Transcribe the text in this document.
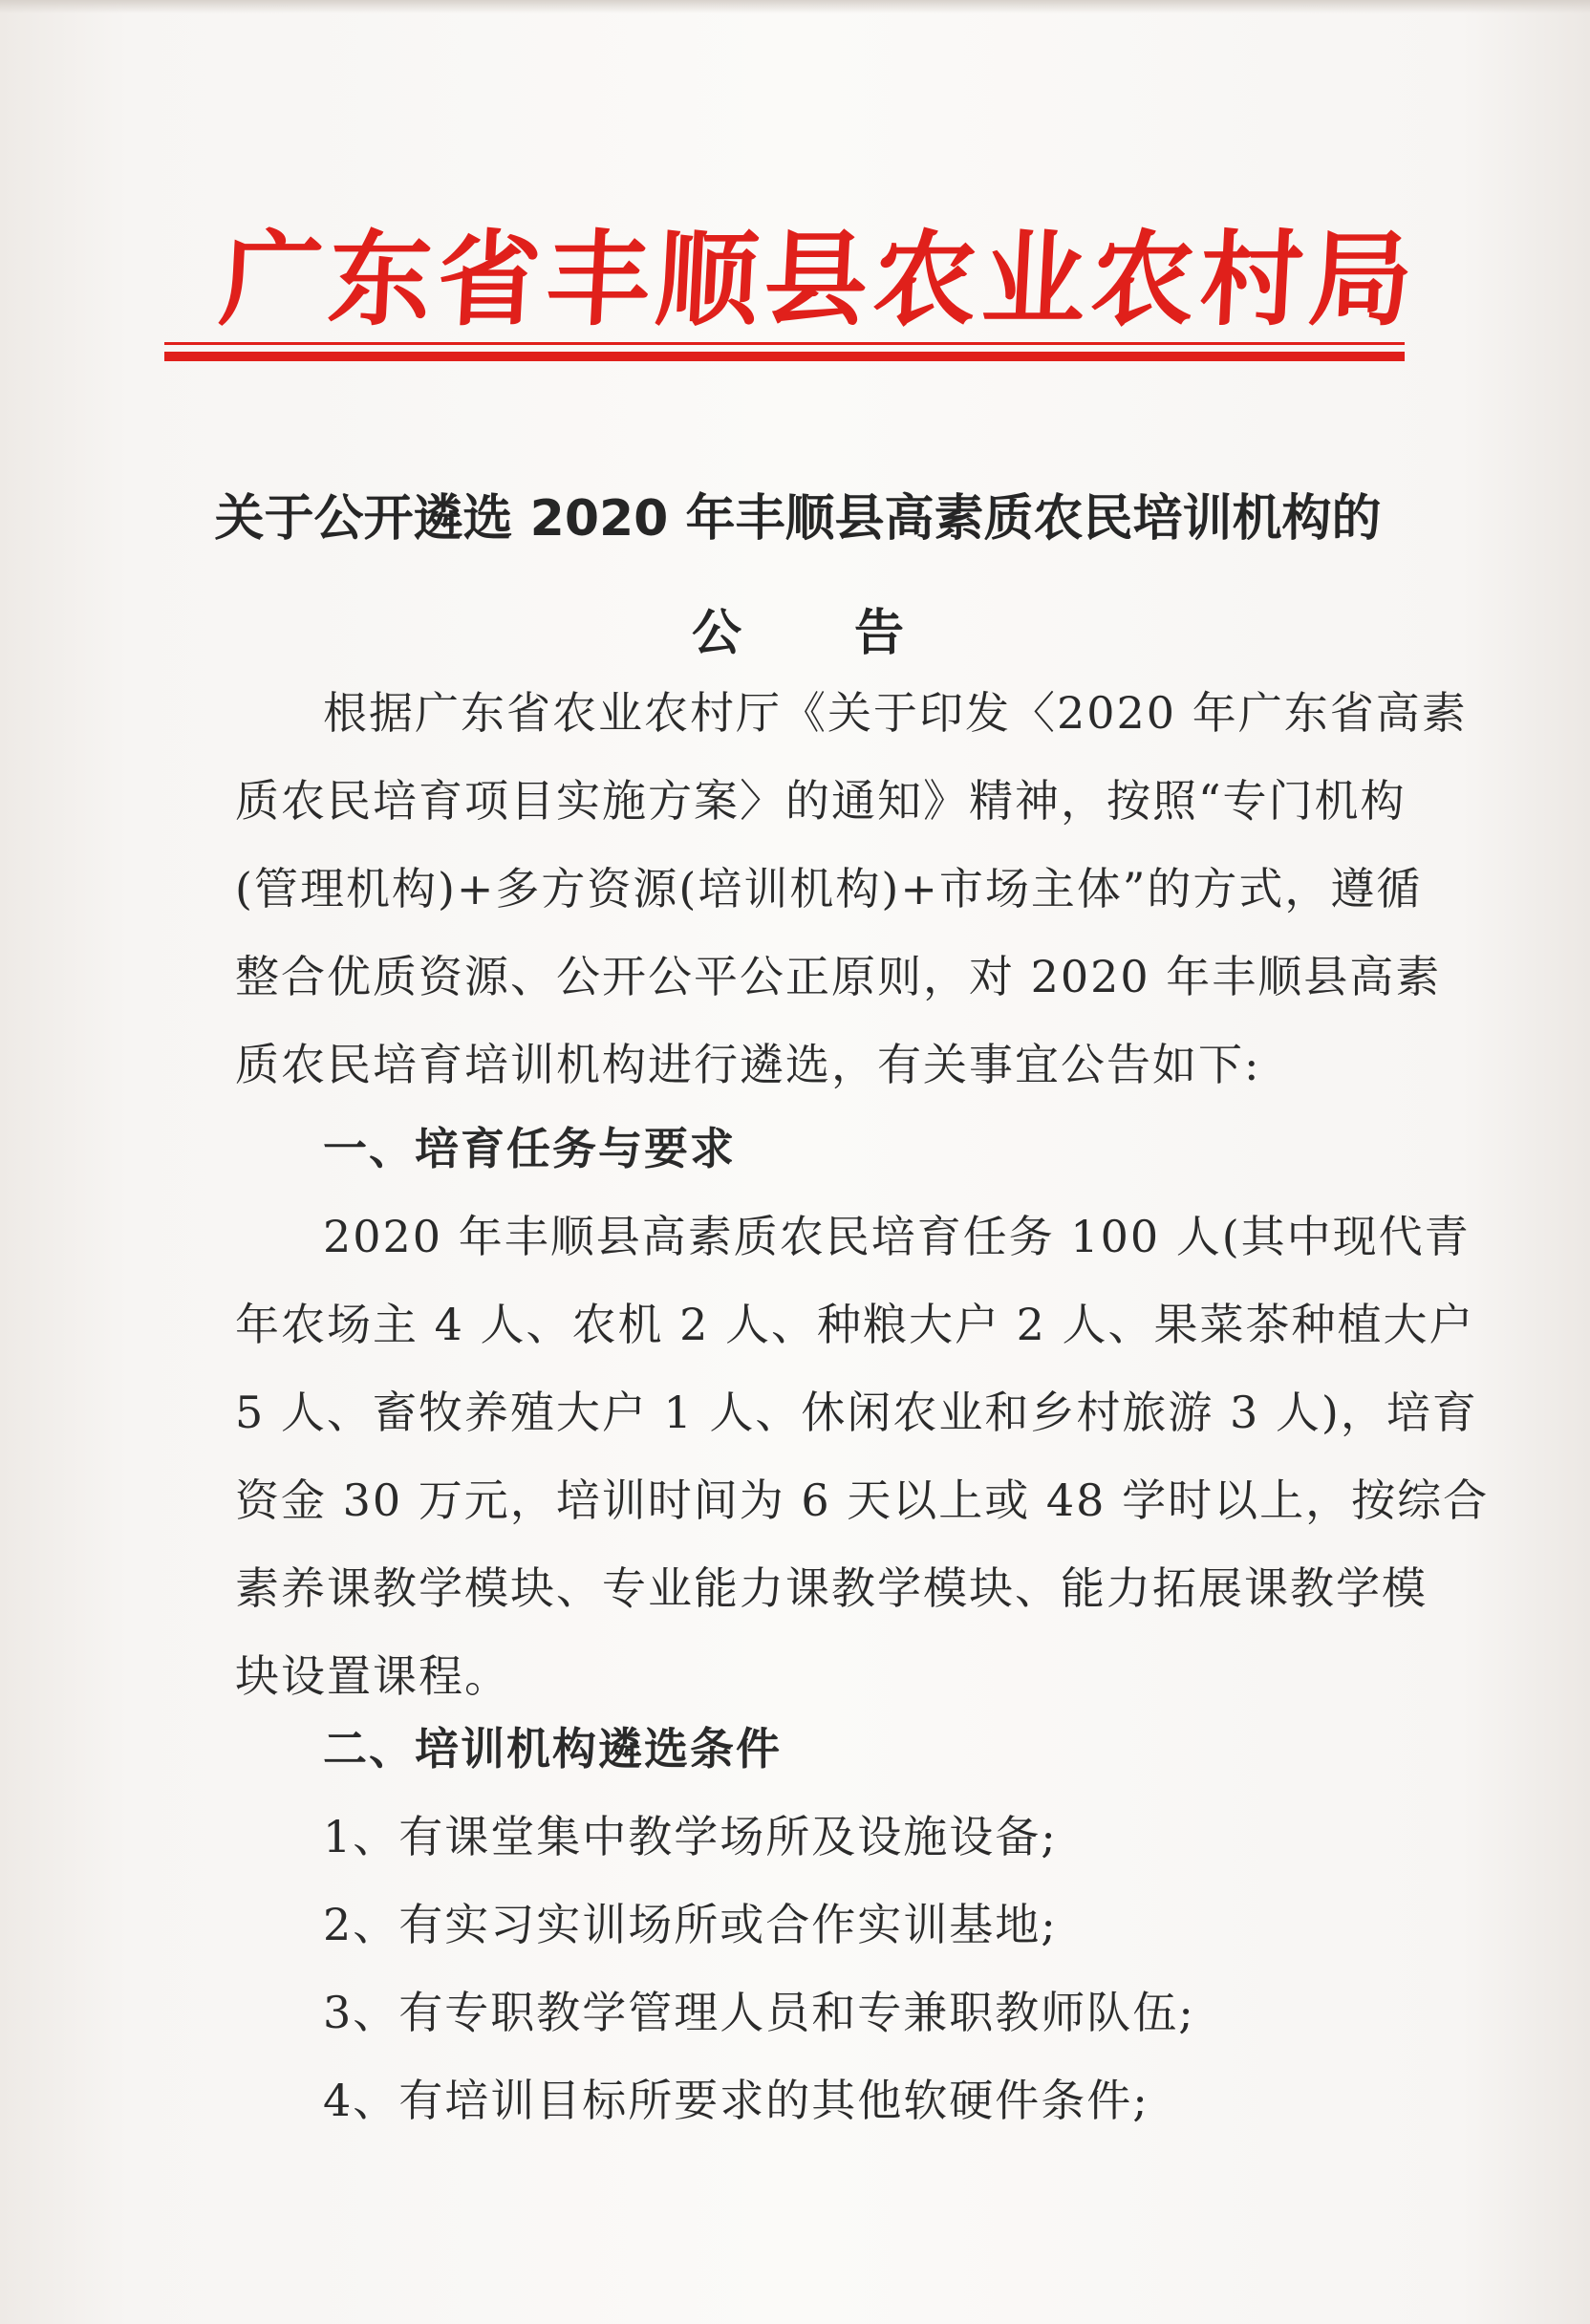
广东省丰顺县农业农村局
关于公开遴选 2020 年丰顺县高素质农民培训机构的
公 告
根据广东省农业农村厅《关于印发〈2020 年广东省高素
质农民培育项目实施方案〉的通知》精神，按照“专门机构
(管理机构)+多方资源(培训机构)+市场主体”的方式，遵循
整合优质资源、公开公平公正原则，对 2020 年丰顺县高素
质农民培育培训机构进行遴选，有关事宜公告如下:
一、培育任务与要求
2020 年丰顺县高素质农民培育任务 100 人(其中现代青
年农场主 4 人、农机 2 人、种粮大户 2 人、果菜茶种植大户
5 人、畜牧养殖大户 1 人、休闲农业和乡村旅游 3 人)，培育
资金 30 万元，培训时间为 6 天以上或 48 学时以上，按综合
素养课教学模块、专业能力课教学模块、能力拓展课教学模
块设置课程。
二、培训机构遴选条件
1、有课堂集中教学场所及设施设备;
2、有实习实训场所或合作实训基地;
3、有专职教学管理人员和专兼职教师队伍;
4、有培训目标所要求的其他软硬件条件;
